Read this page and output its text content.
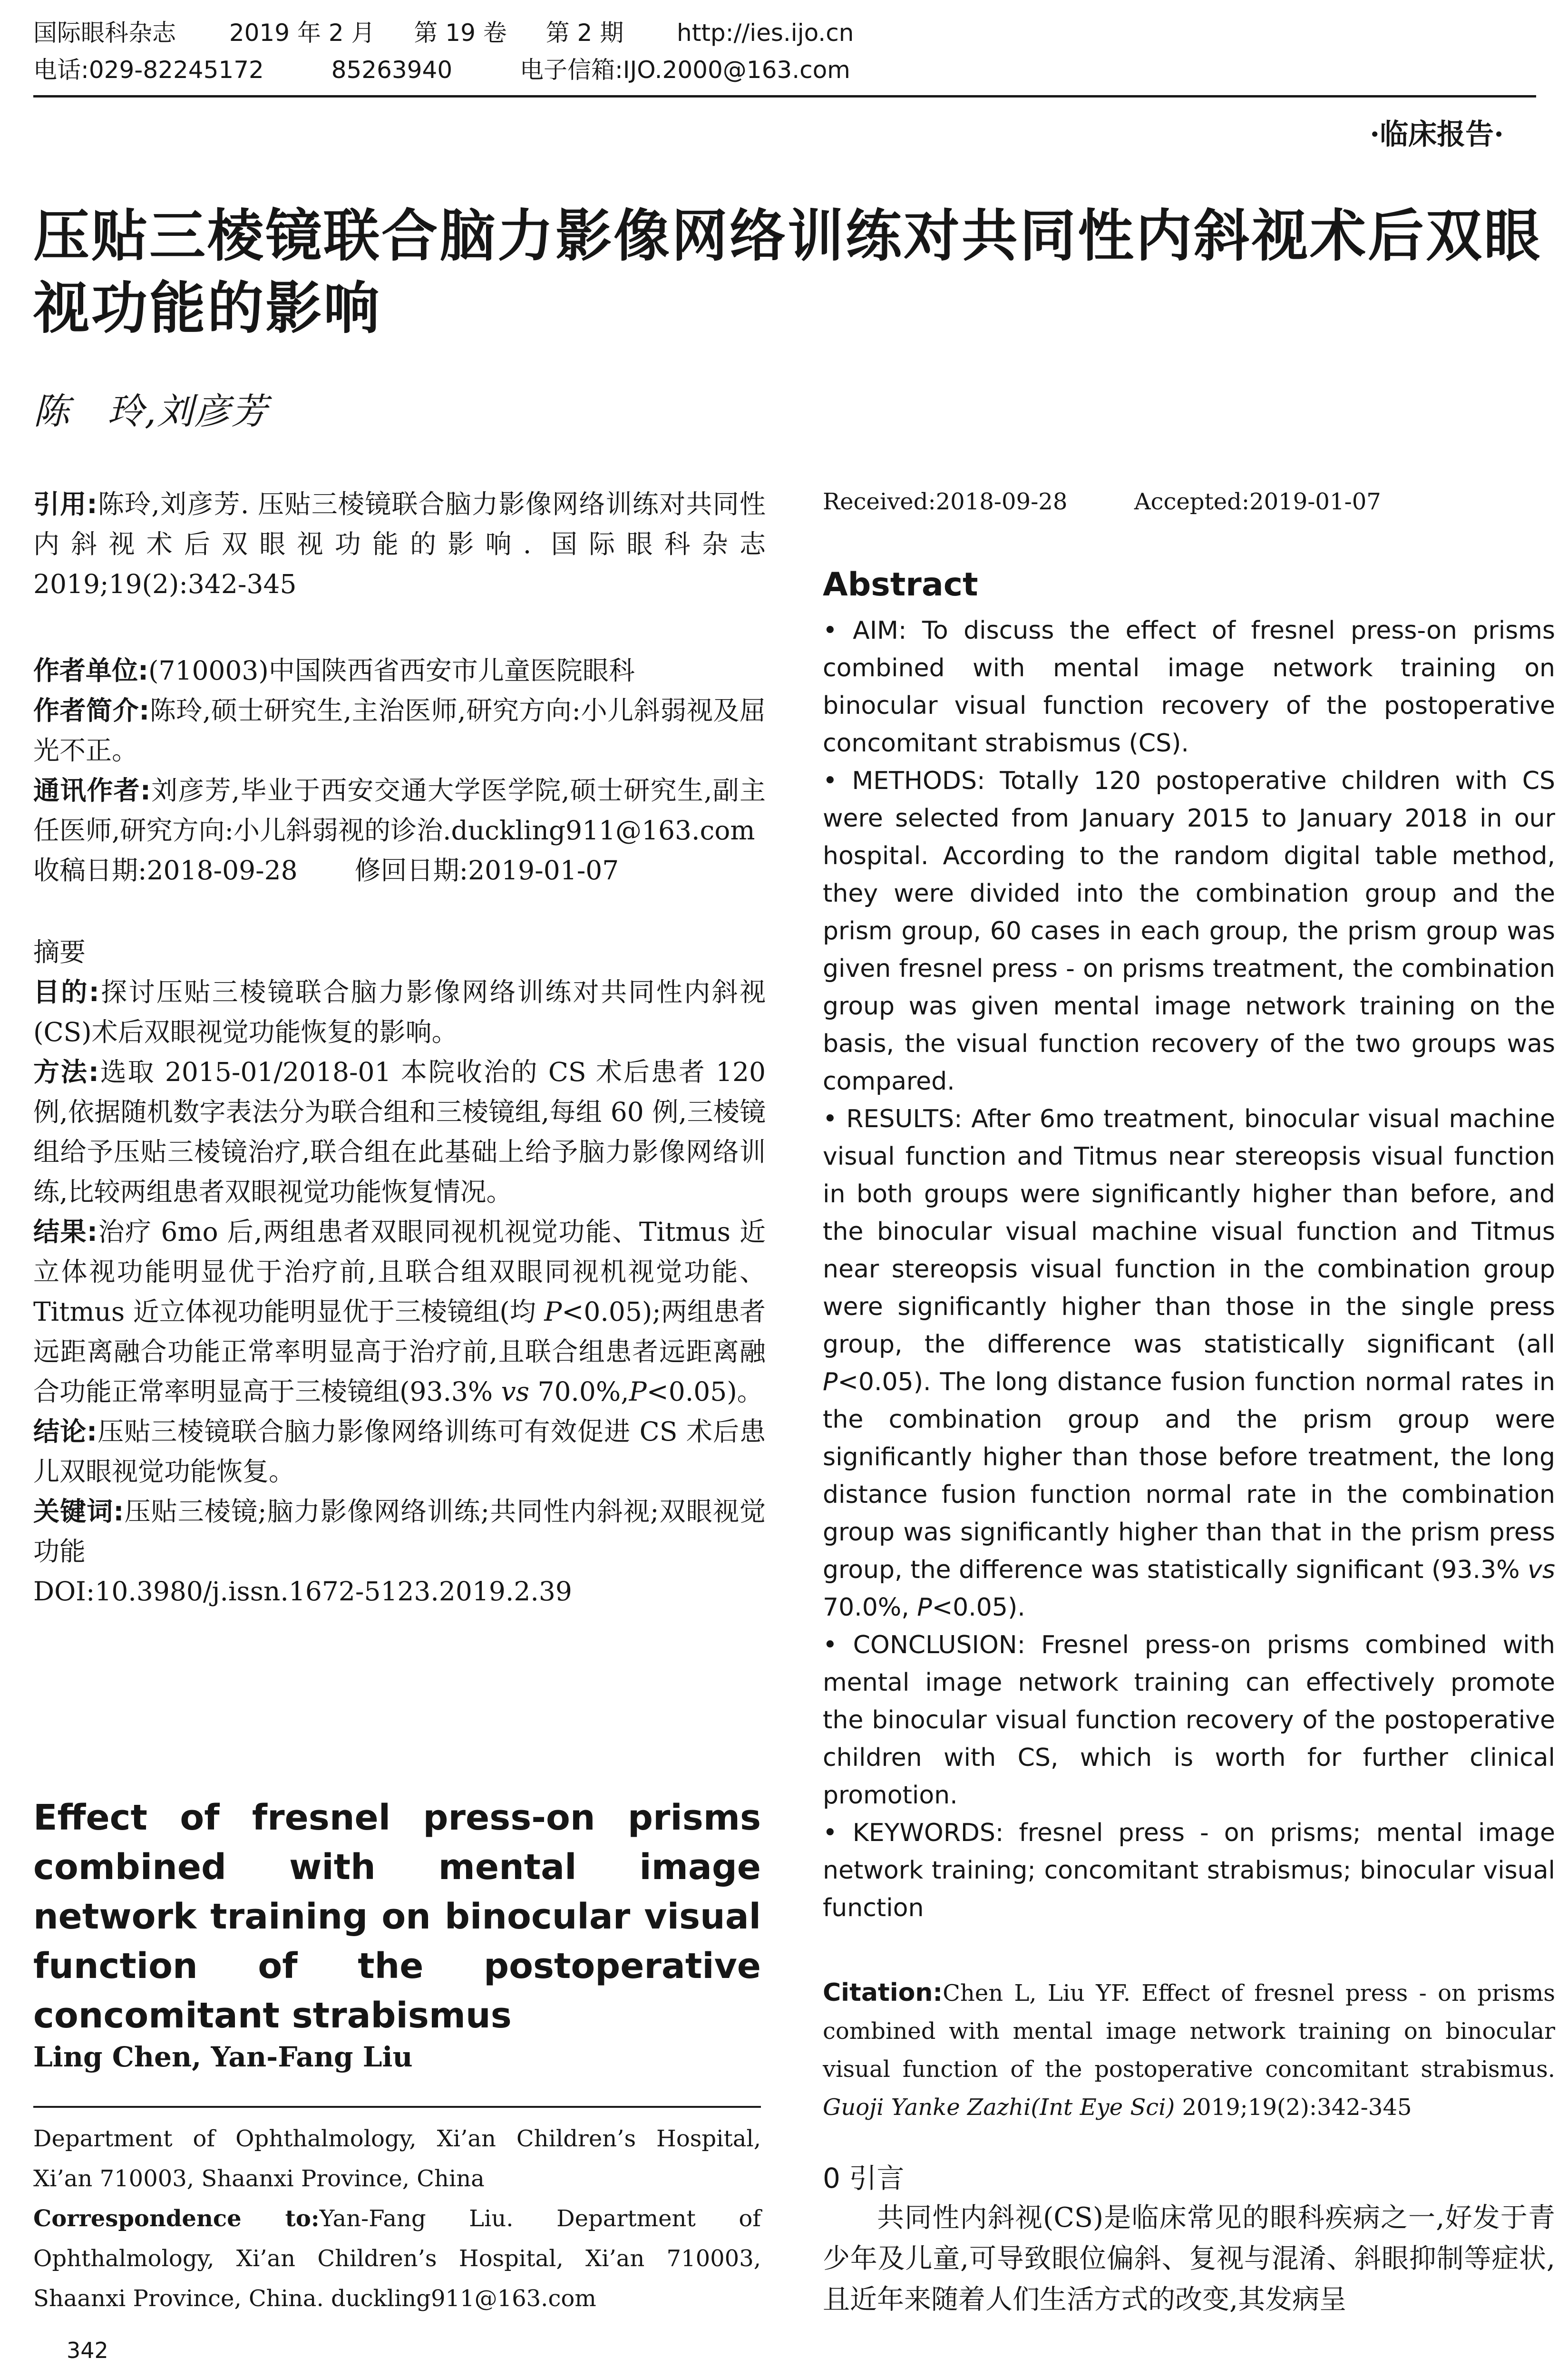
国际眼科杂志 2019 年 2 月 第 19 卷 第 2 期 http://ies.ijo.cn
电话:029-82245172	85263940	电子信箱:IJO.2000@163.com
·临床报告·
压贴三棱镜联合脑力影像网络训练对共同性内斜视术后双眼视功能的影响
陈　玲,刘彦芳

引用:陈玲,刘彦芳. 压贴三棱镜联合脑力影像网络训练对共同性内斜视术后双眼视功能的影响. 国际眼科杂志 2019;19(2):342-345

作者单位:(710003)中国陕西省西安市儿童医院眼科

作者简介:陈玲,硕士研究生,主治医师,研究方向:小儿斜弱视及屈光不正。

通讯作者:刘彦芳,毕业于西安交通大学医学院,硕士研究生,副主任医师,研究方向:小儿斜弱视的诊治.duckling911@163.com

收稿日期:2018-09-28 修回日期:2019-01-07

摘要

目的:探讨压贴三棱镜联合脑力影像网络训练对共同性内斜视(CS)术后双眼视觉功能恢复的影响。

方法:选取 2015-01/2018-01 本院收治的 CS 术后患者 120 例,依据随机数字表法分为联合组和三棱镜组,每组 60 例,三棱镜组给予压贴三棱镜治疗,联合组在此基础上给予脑力影像网络训练,比较两组患者双眼视觉功能恢复情况。

结果:治疗 6mo 后,两组患者双眼同视机视觉功能、Titmus 近立体视功能明显优于治疗前,且联合组双眼同视机视觉功能、Titmus 近立体视功能明显优于三棱镜组(均 P<0.05);两组患者远距离融合功能正常率明显高于治疗前,且联合组患者远距离融合功能正常率明显高于三棱镜组(93.3% vs 70.0%,P<0.05)。

结论:压贴三棱镜联合脑力影像网络训练可有效促进 CS 术后患儿双眼视觉功能恢复。

关键词:压贴三棱镜;脑力影像网络训练;共同性内斜视;双眼视觉功能

DOI:10.3980/j.issn.1672-5123.2019.2.39

Effect of fresnel press-on prisms combined with mental image network training on binocular visual function of the postoperative concomitant strabismus
Ling Chen, Yan-Fang Liu

Department of Ophthalmology, Xi’an Children’s Hospital, Xi’an 710003, Shaanxi Province, China

Correspondence to:Yan-Fang Liu. Department of Ophthalmology, Xi’an Children’s Hospital, Xi’an 710003, Shaanxi Province, China. duckling911@163.com

342
Received:2018-09-28	Accepted:2019-01-07
Abstract

• AIM: To discuss the effect of fresnel press-on prisms combined with mental image network training on binocular visual function recovery of the postoperative concomitant strabismus (CS).

• METHODS: Totally 120 postoperative children with CS were selected from January 2015 to January 2018 in our hospital. According to the random digital table method, they were divided into the combination group and the prism group, 60 cases in each group, the prism group was given fresnel press - on prisms treatment, the combination group was given mental image network training on the basis, the visual function recovery of the two groups was compared.

• RESULTS: After 6mo treatment, binocular visual machine visual function and Titmus near stereopsis visual function in both groups were significantly higher than before, and the binocular visual machine visual function and Titmus near stereopsis visual function in the combination group were significantly higher than those in the single press group, the difference was statistically significant (all P<0.05). The long distance fusion function normal rates in the combination group and the prism group were significantly higher than those before treatment, the long distance fusion function normal rate in the combination group was significantly higher than that in the prism press group, the difference was statistically significant (93.3% vs 70.0%, P<0.05).

• CONCLUSION: Fresnel press-on prisms combined with mental image network training can effectively promote the binocular visual function recovery of the postoperative children with CS, which is worth for further clinical promotion.

• KEYWORDS: fresnel press - on prisms; mental image network training; concomitant strabismus; binocular visual function

Citation:Chen L, Liu YF. Effect of fresnel press - on prisms combined with mental image network training on binocular visual function of the postoperative concomitant strabismus. Guoji Yanke Zazhi(Int Eye Sci) 2019;19(2):342-345
0 引言
共同性内斜视(CS)是临床常见的眼科疾病之一,好发于青少年及儿童,可导致眼位偏斜、复视与混淆、斜眼抑制等症状,且近年来随着人们生活方式的改变,其发病呈
